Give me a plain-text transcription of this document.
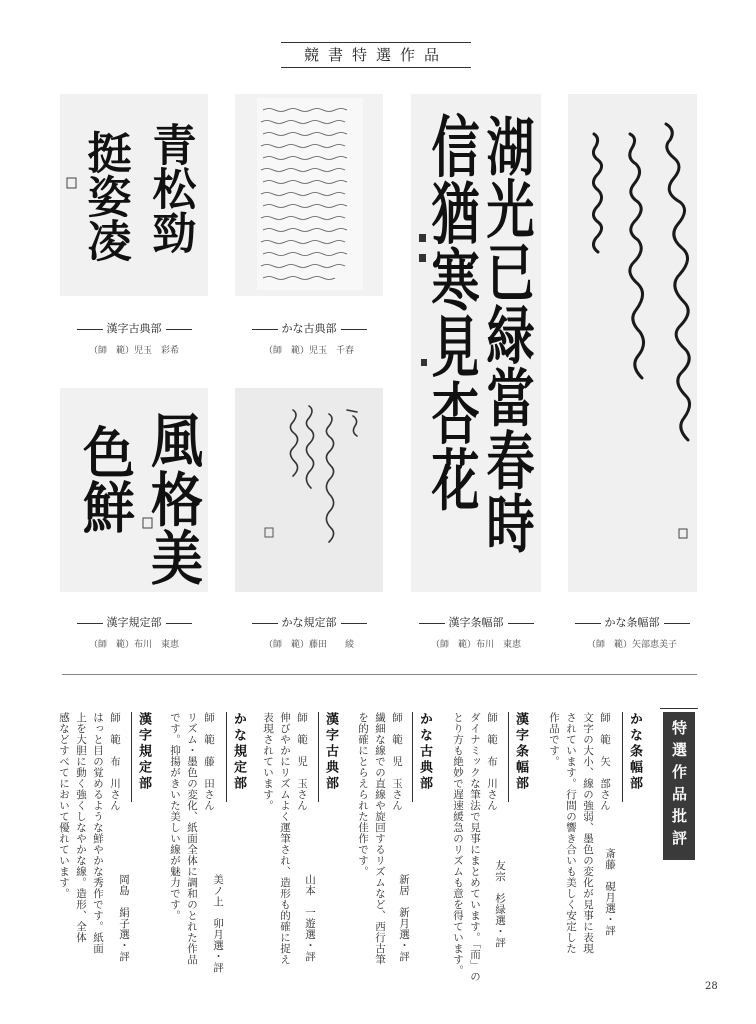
競書特選作品
青松勁
挺姿凌	湖光已緑當春時
信猶寒見杏花
風格美
色鮮
漢字古典部
（師　範）児玉　彩希
かな古典部
（師　範）児玉　千春
漢字規定部
（師　範）布川　東恵
かな規定部
（師　範）藤田　　綾
漢字条幅部
（師　範）布川　東恵
かな条幅部
（師　範）矢部恵美子
特選作品批評
かな条幅部
師　範　矢　部さん
文字の大小、線の強弱、墨色の変化が見事に表現
されています。行間の響き合いも美しく安定した
作品です。
斎藤　硯月選・評
漢字条幅部
師　範　布　川さん
ダイナミックな筆法で見事にまとめています。「而」の
とり方も絶妙で遅速緩急のリズムも意を得ています。	友宗　杉緑選・評
かな古典部
師　範　児　玉さん
繊細な線での直線や旋回するリズムなど、西行古筆
を的確にとらえられた佳作です。
新居　新月選・評
漢字古典部
師　範　児　玉さん
伸びやかにリズムよく運筆され、造形も的確に捉え
表現されています。
山本　一遊選・評
かな規定部
師　範　藤　田さん
リズム・墨色の変化、紙面全体に調和のとれた作品
です。抑揚がきいた美しい線が魅力です。
美ノ上　卯月選・評
漢字規定部
師　範　布　川さん
はっと目の覚めるような鮮やかな秀作です。紙面
上を大胆に動く強くしなやかな線。造形、全体
感などすべてにおいて優れています。
岡島　絹子選・評
28
